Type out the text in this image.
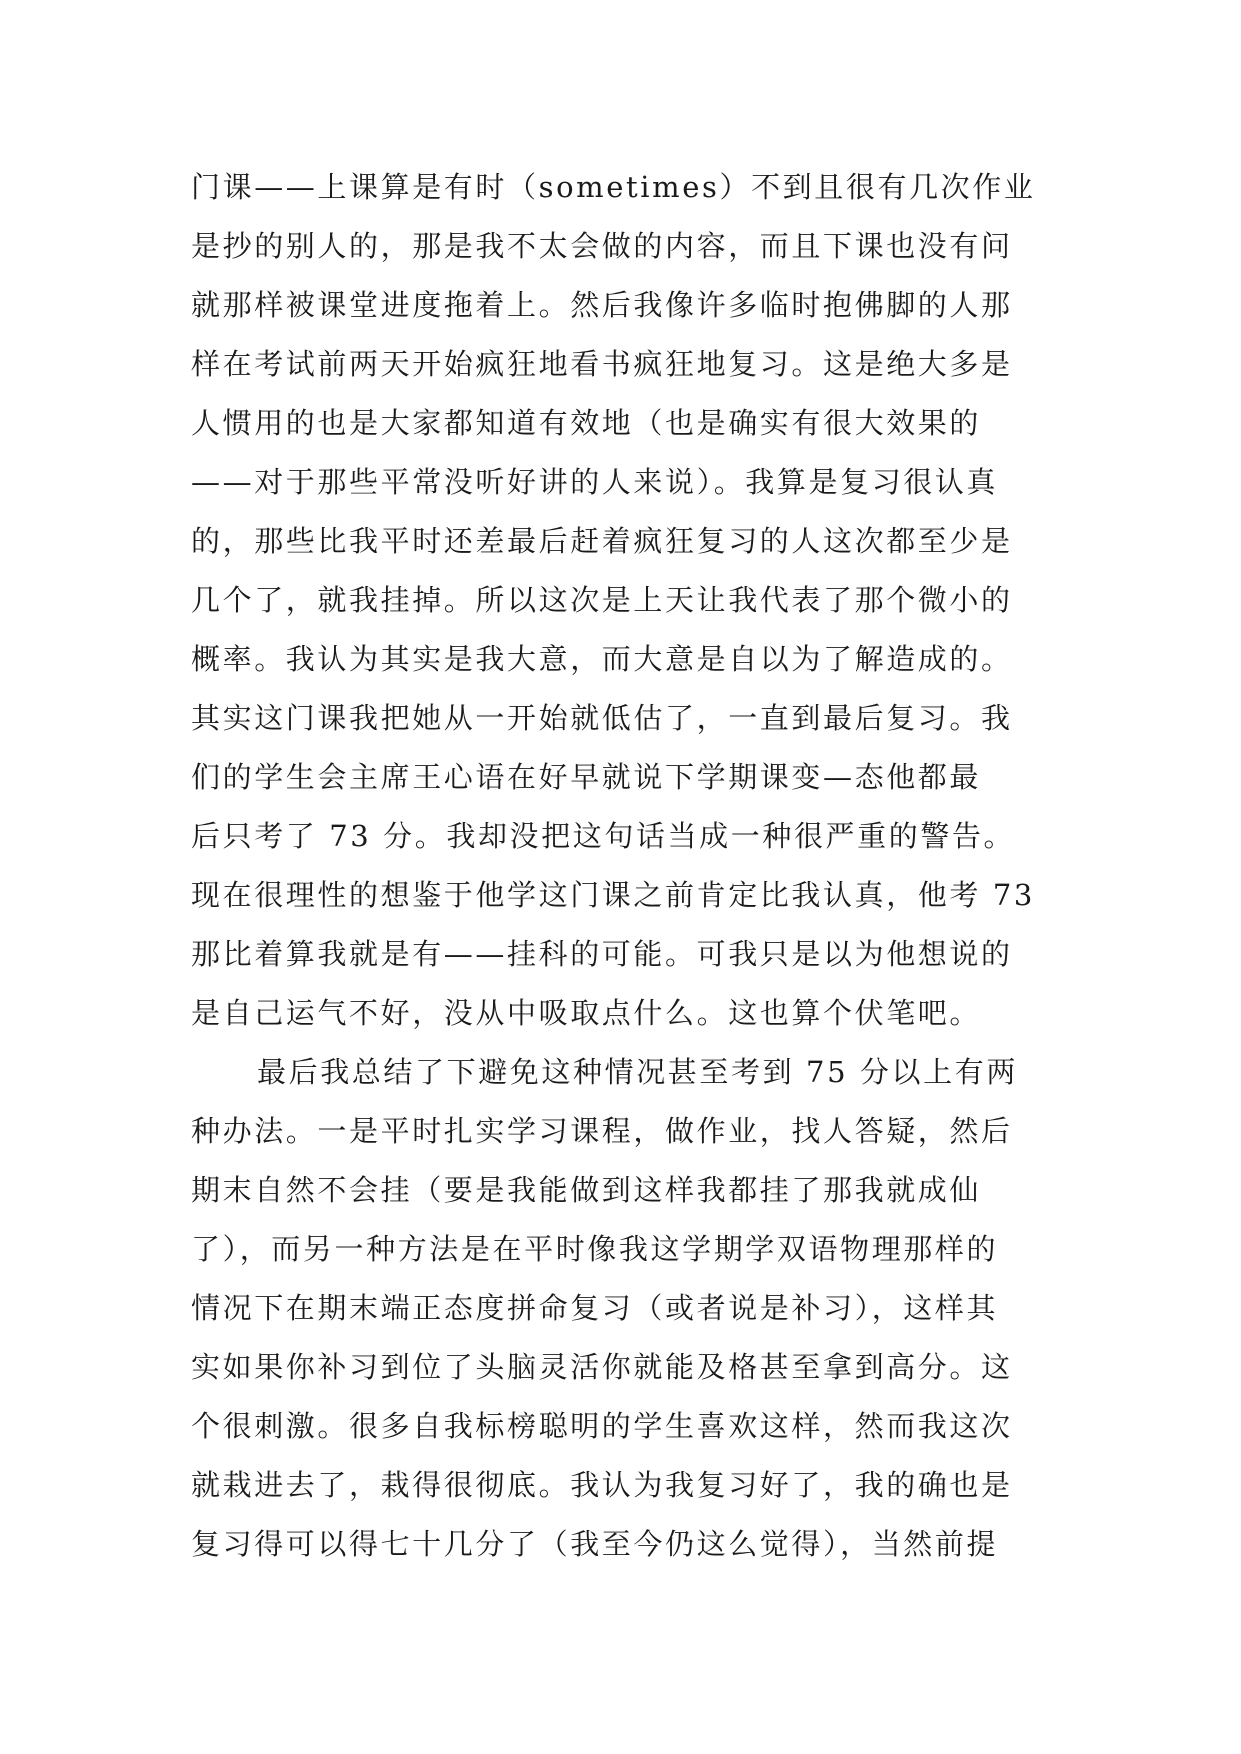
门课——上课算是有时（sometimes）不到且很有几次作业
是抄的别人的，那是我不太会做的内容，而且下课也没有问
就那样被课堂进度拖着上。然后我像许多临时抱佛脚的人那
样在考试前两天开始疯狂地看书疯狂地复习。这是绝大多是
人惯用的也是大家都知道有效地（也是确实有很大效果的
——对于那些平常没听好讲的人来说）。我算是复习很认真
的，那些比我平时还差最后赶着疯狂复习的人这次都至少是
几个了，就我挂掉。所以这次是上天让我代表了那个微小的
概率。我认为其实是我大意，而大意是自以为了解造成的。
其实这门课我把她从一开始就低估了，一直到最后复习。我
们的学生会主席王心语在好早就说下学期课变—态他都最
后只考了 73 分。我却没把这句话当成一种很严重的警告。
现在很理性的想鉴于他学这门课之前肯定比我认真，他考 73
那比着算我就是有——挂科的可能。可我只是以为他想说的
是自己运气不好，没从中吸取点什么。这也算个伏笔吧。
最后我总结了下避免这种情况甚至考到 75 分以上有两
种办法。一是平时扎实学习课程，做作业，找人答疑，然后
期末自然不会挂（要是我能做到这样我都挂了那我就成仙
了），而另一种方法是在平时像我这学期学双语物理那样的
情况下在期末端正态度拼命复习（或者说是补习），这样其
实如果你补习到位了头脑灵活你就能及格甚至拿到高分。这
个很刺激。很多自我标榜聪明的学生喜欢这样，然而我这次
就栽进去了，栽得很彻底。我认为我复习好了，我的确也是
复习得可以得七十几分了（我至今仍这么觉得），当然前提
